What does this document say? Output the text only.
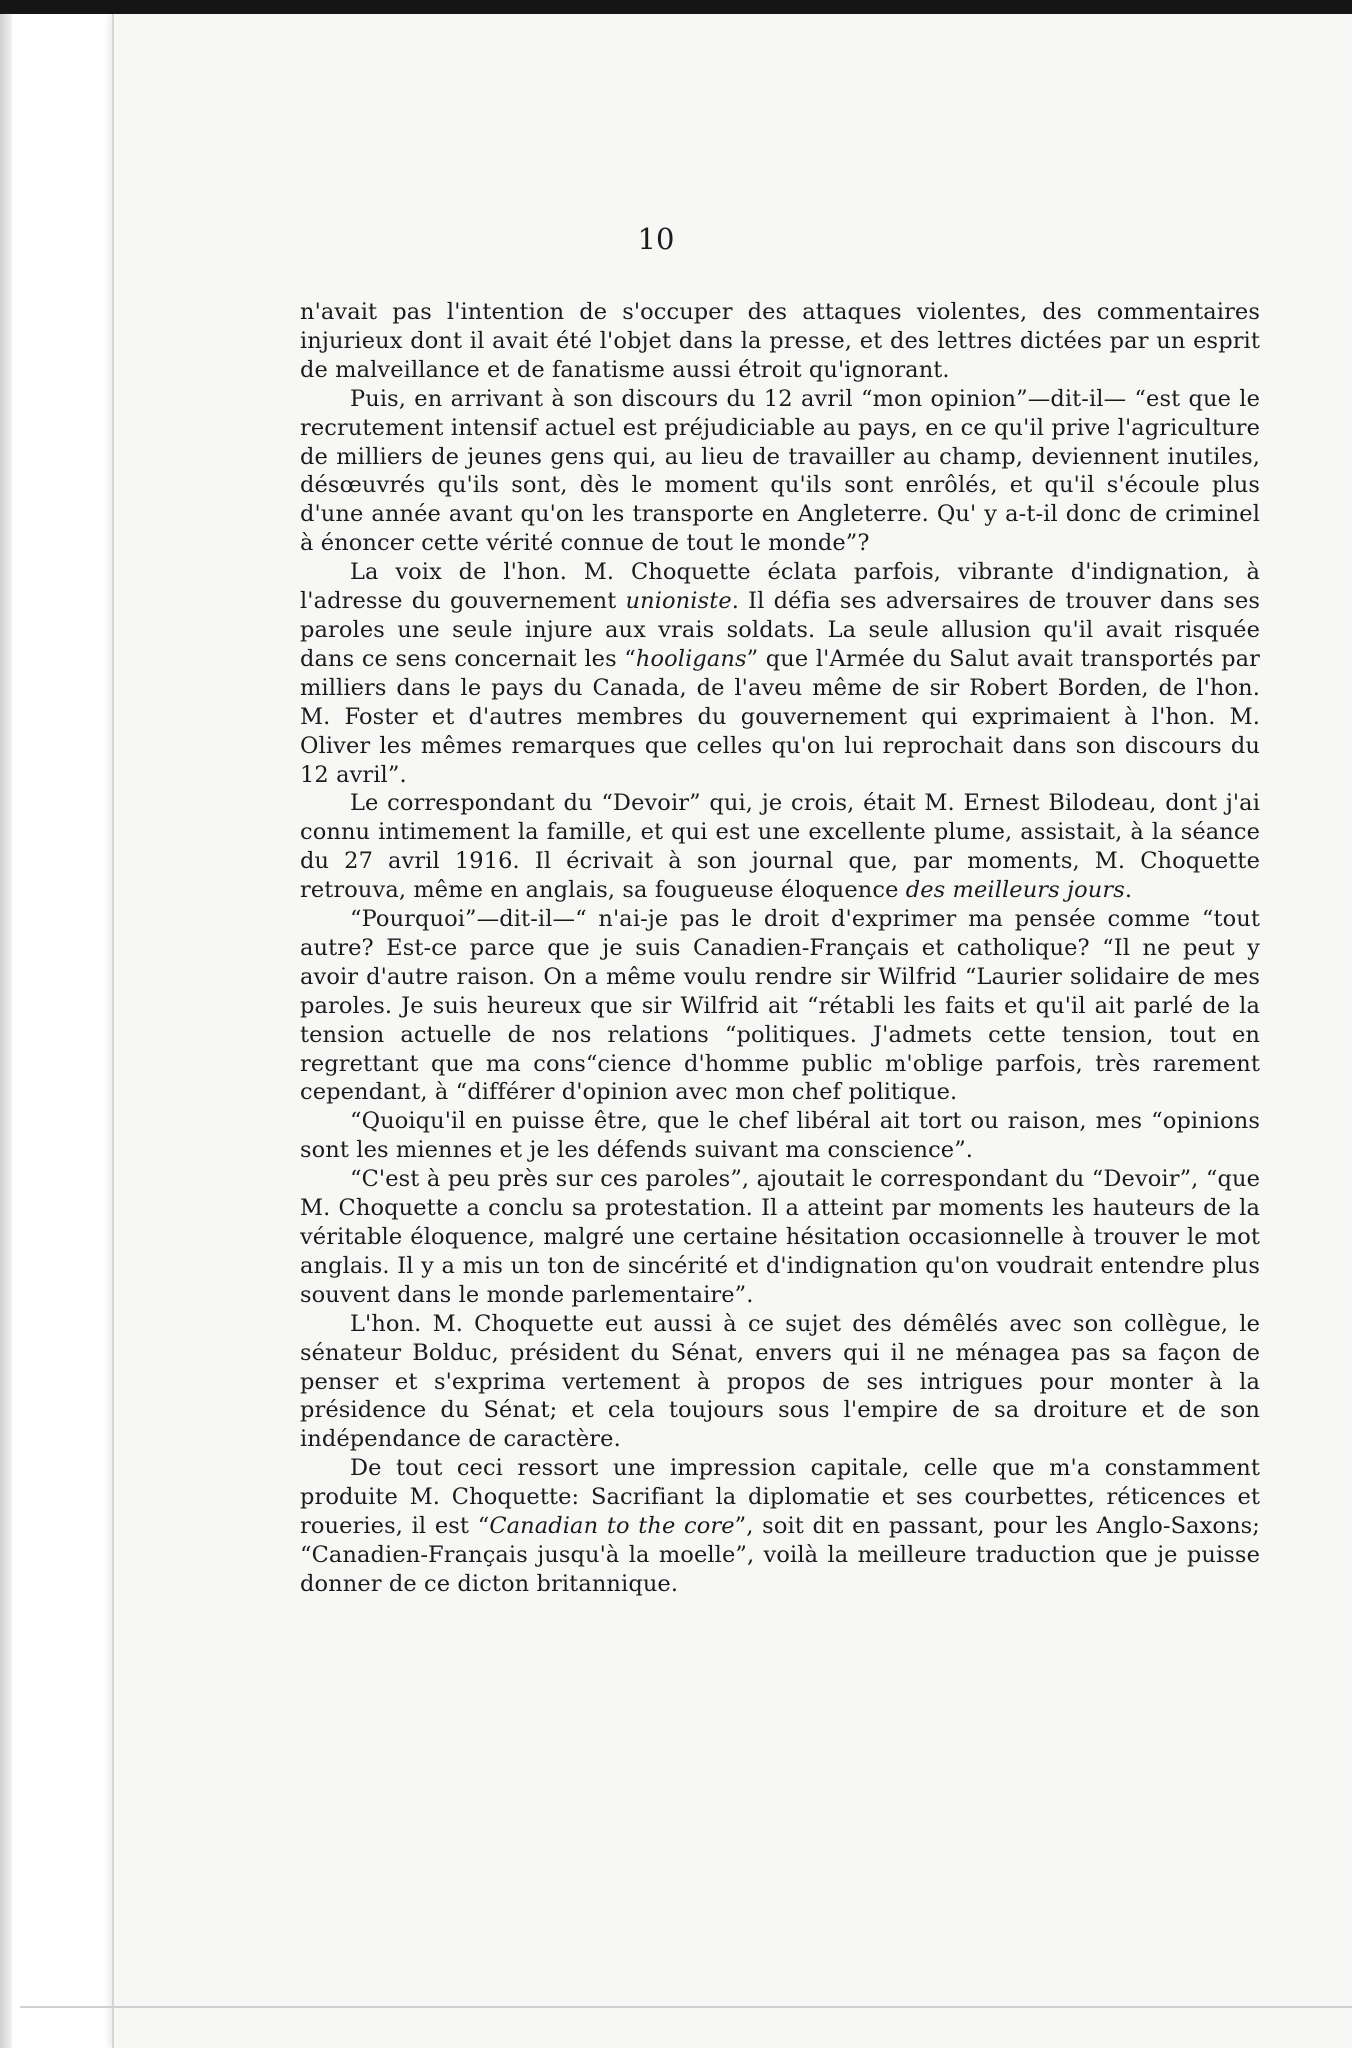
10

n'avait pas l'intention de s'occuper des attaques violentes, des commentaires injurieux dont il avait été l'objet dans la presse, et des lettres dictées par un esprit de malveillance et de fanatisme aussi étroit qu'ignorant.

Puis, en arrivant à son discours du 12 avril “mon opinion”—dit-il— “est que le recrutement intensif actuel est préjudiciable au pays, en ce qu'il prive l'agriculture de milliers de jeunes gens qui, au lieu de travailler au champ, deviennent inutiles, désœuvrés qu'ils sont, dès le moment qu'ils sont enrôlés, et qu'il s'écoule plus d'une année avant qu'on les transporte en Angleterre. Qu' y a-t-il donc de criminel à énoncer cette vérité connue de tout le monde”?

La voix de l'hon. M. Choquette éclata parfois, vibrante d'indignation, à l'adresse du gouvernement unioniste. Il défia ses adversaires de trouver dans ses paroles une seule injure aux vrais soldats. La seule allusion qu'il avait risquée dans ce sens concernait les “hooligans” que l'Armée du Salut avait transportés par milliers dans le pays du Canada, de l'aveu même de sir Robert Borden, de l'hon. M. Foster et d'autres membres du gouvernement qui exprimaient à l'hon. M. Oliver les mêmes remarques que celles qu'on lui reprochait dans son discours du 12 avril”.

Le correspondant du “Devoir” qui, je crois, était M. Ernest Bilodeau, dont j'ai connu intimement la famille, et qui est une excellente plume, assistait, à la séance du 27 avril 1916. Il écrivait à son journal que, par moments, M. Choquette retrouva, même en anglais, sa fougueuse éloquence des meilleurs jours.

“Pourquoi”—dit-il—“ n'ai-je pas le droit d'exprimer ma pensée comme “tout autre? Est-ce parce que je suis Canadien-Français et catholique? “Il ne peut y avoir d'autre raison. On a même voulu rendre sir Wilfrid “Laurier solidaire de mes paroles. Je suis heureux que sir Wilfrid ait “rétabli les faits et qu'il ait parlé de la tension actuelle de nos relations “politiques. J'admets cette tension, tout en regrettant que ma cons“cience d'homme public m'oblige parfois, très rarement cependant, à “différer d'opinion avec mon chef politique.

“Quoiqu'il en puisse être, que le chef libéral ait tort ou raison, mes “opinions sont les miennes et je les défends suivant ma conscience”.

“C'est à peu près sur ces paroles”, ajoutait le correspondant du “Devoir”, “que M. Choquette a conclu sa protestation. Il a atteint par moments les hauteurs de la véritable éloquence, malgré une certaine hésitation occasionnelle à trouver le mot anglais. Il y a mis un ton de sincérité et d'indignation qu'on voudrait entendre plus souvent dans le monde parlementaire”.

L'hon. M. Choquette eut aussi à ce sujet des démêlés avec son collègue, le sénateur Bolduc, président du Sénat, envers qui il ne ménagea pas sa façon de penser et s'exprima vertement à propos de ses intrigues pour monter à la présidence du Sénat; et cela toujours sous l'empire de sa droiture et de son indépendance de caractère.

De tout ceci ressort une impression capitale, celle que m'a constamment produite M. Choquette: Sacrifiant la diplomatie et ses courbettes, réticences et roueries, il est “Canadian to the core”, soit dit en passant, pour les Anglo-Saxons; “Canadien-Français jusqu'à la moelle”, voilà la meilleure traduction que je puisse donner de ce dicton britannique.
